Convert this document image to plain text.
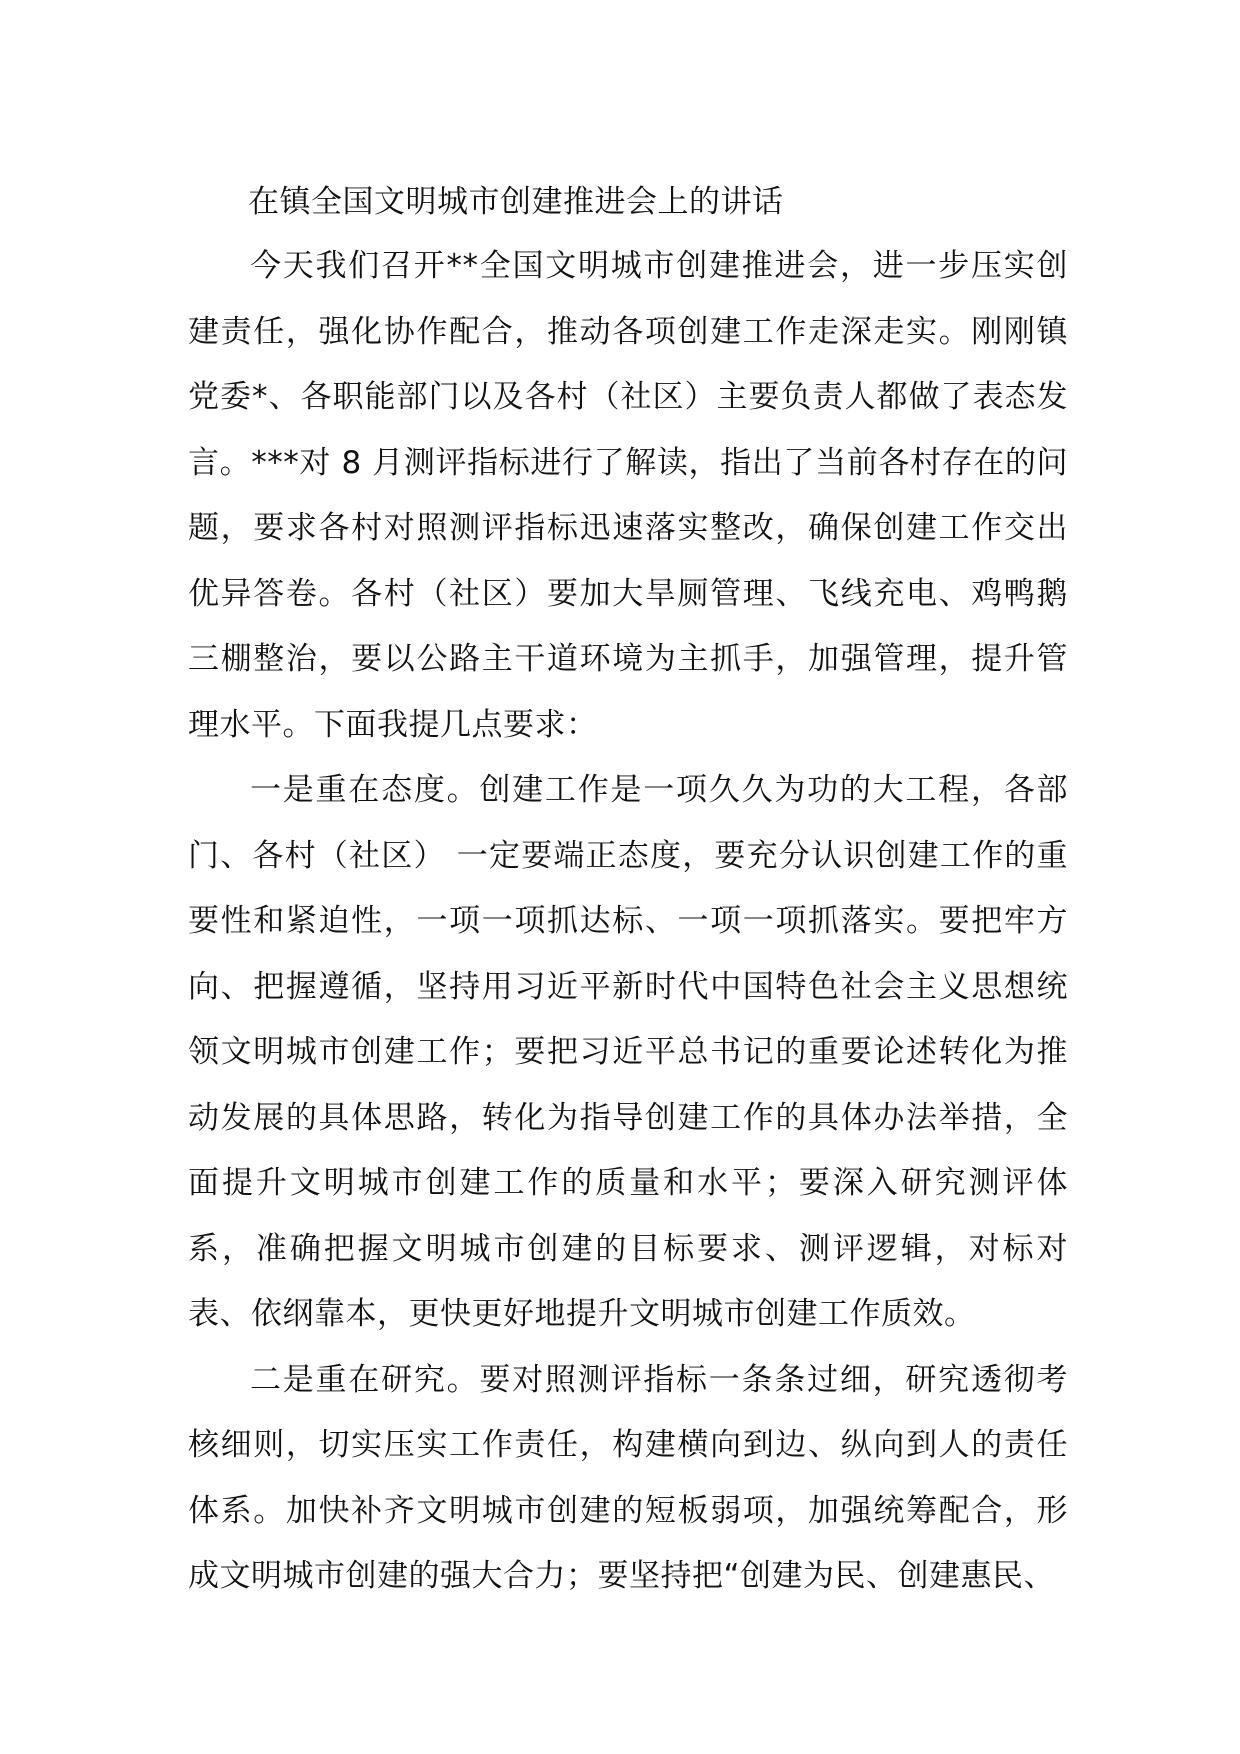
在镇全国文明城市创建推进会上的讲话

今天我们召开**全国文明城市创建推进会，进一步压实创建责任，强化协作配合，推动各项创建工作走深走实。刚刚镇党委*、各职能部门以及各村（社区）主要负责人都做了表态发言。***对 8 月测评指标进行了解读，指出了当前各村存在的问题，要求各村对照测评指标迅速落实整改，确保创建工作交出优异答卷。各村（社区）要加大旱厕管理、飞线充电、鸡鸭鹅三棚整治，要以公路主干道环境为主抓手，加强管理，提升管理水平。下面我提几点要求：

一是重在态度。创建工作是一项久久为功的大工程，各部门、各村（社区） 一定要端正态度，要充分认识创建工作的重要性和紧迫性，一项一项抓达标、一项一项抓落实。要把牢方向、把握遵循，坚持用习近平新时代中国特色社会主义思想统领文明城市创建工作；要把习近平总书记的重要论述转化为推动发展的具体思路，转化为指导创建工作的具体办法举措，全面提升文明城市创建工作的质量和水平；要深入研究测评体系，准确把握文明城市创建的目标要求、测评逻辑，对标对表、依纲靠本，更快更好地提升文明城市创建工作质效。

二是重在研究。要对照测评指标一条条过细，研究透彻考核细则，切实压实工作责任，构建横向到边、纵向到人的责任体系。加快补齐文明城市创建的短板弱项，加强统筹配合，形成文明城市创建的强大合力；要坚持把“创建为民、创建惠民、
